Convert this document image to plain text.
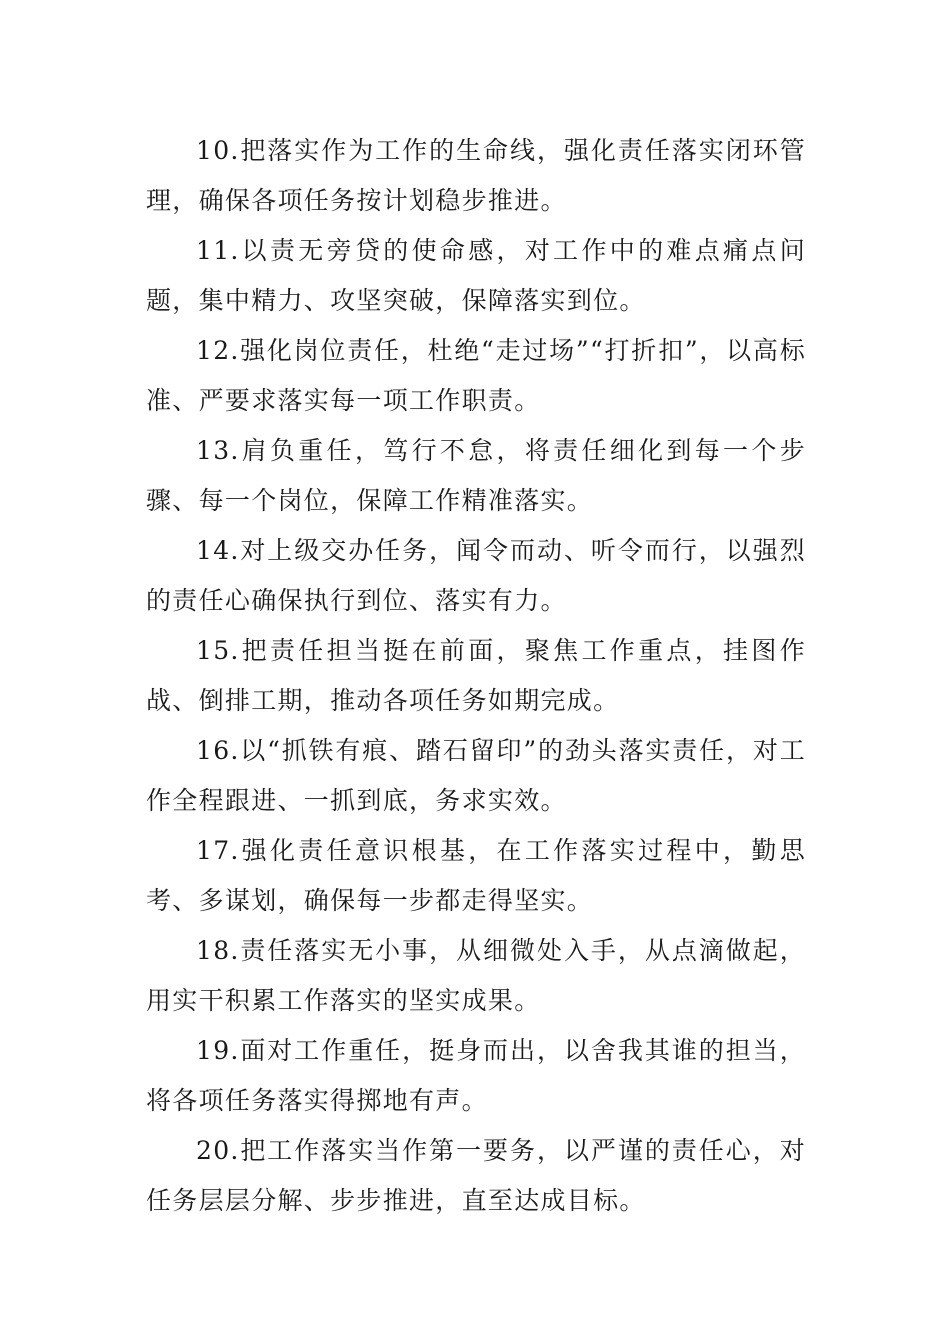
10.把落实作为工作的生命线，强化责任落实闭环管理，确保各项任务按计划稳步推进。

11.以责无旁贷的使命感，对工作中的难点痛点问题，集中精力、攻坚突破，保障落实到位。

12.强化岗位责任，杜绝“走过场”“打折扣”，以高标准、严要求落实每一项工作职责。

13.肩负重任，笃行不怠，将责任细化到每一个步骤、每一个岗位，保障工作精准落实。

14.对上级交办任务，闻令而动、听令而行，以强烈的责任心确保执行到位、落实有力。

15.把责任担当挺在前面，聚焦工作重点，挂图作战、倒排工期，推动各项任务如期完成。

16.以“抓铁有痕、踏石留印”的劲头落实责任，对工作全程跟进、一抓到底，务求实效。

17.强化责任意识根基，在工作落实过程中，勤思考、多谋划，确保每一步都走得坚实。

18.责任落实无小事，从细微处入手，从点滴做起，用实干积累工作落实的坚实成果。

19.面对工作重任，挺身而出，以舍我其谁的担当，将各项任务落实得掷地有声。

20.把工作落实当作第一要务，以严谨的责任心，对任务层层分解、步步推进，直至达成目标。
